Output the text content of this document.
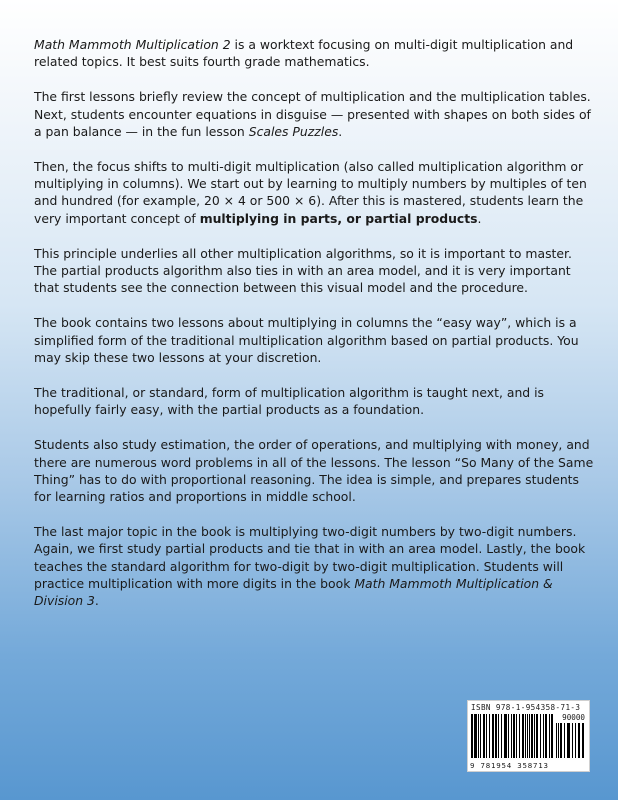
Math Mammoth Multiplication 2 is a worktext focusing on multi-digit multiplication and related topics. It best suits fourth grade mathematics.

The first lessons briefly review the concept of multiplication and the multiplication tables. Next, students encounter equations in disguise — presented with shapes on both sides of a pan balance — in the fun lesson Scales Puzzles.

Then, the focus shifts to multi-digit multiplication (also called multiplication algorithm or multiplying in columns). We start out by learning to multiply numbers by multiples of ten and hundred (for example, 20 × 4 or 500 × 6). After this is mastered, students learn the very important concept of multiplying in parts, or partial products.

This principle underlies all other multiplication algorithms, so it is important to master. The partial products algorithm also ties in with an area model, and it is very important that students see the connection between this visual model and the procedure.

The book contains two lessons about multiplying in columns the “easy way”, which is a simplified form of the traditional multiplication algorithm based on partial products. You may skip these two lessons at your discretion.

The traditional, or standard, form of multiplication algorithm is taught next, and is hopefully fairly easy, with the partial products as a foundation.

Students also study estimation, the order of operations, and multiplying with money, and there are numerous word problems in all of the lessons. The lesson “So Many of the Same Thing” has to do with proportional reasoning. The idea is simple, and prepares students for learning ratios and proportions in middle school.

The last major topic in the book is multiplying two-digit numbers by two-digit numbers. Again, we first study partial products and tie that in with an area model. Lastly, the book teaches the standard algorithm for two-digit by two-digit multiplication. Students will practice multiplication with more digits in the book Math Mammoth Multiplication & Division 3.

ISBN 978-1-954358-71-3
90000
9 781954 358713
